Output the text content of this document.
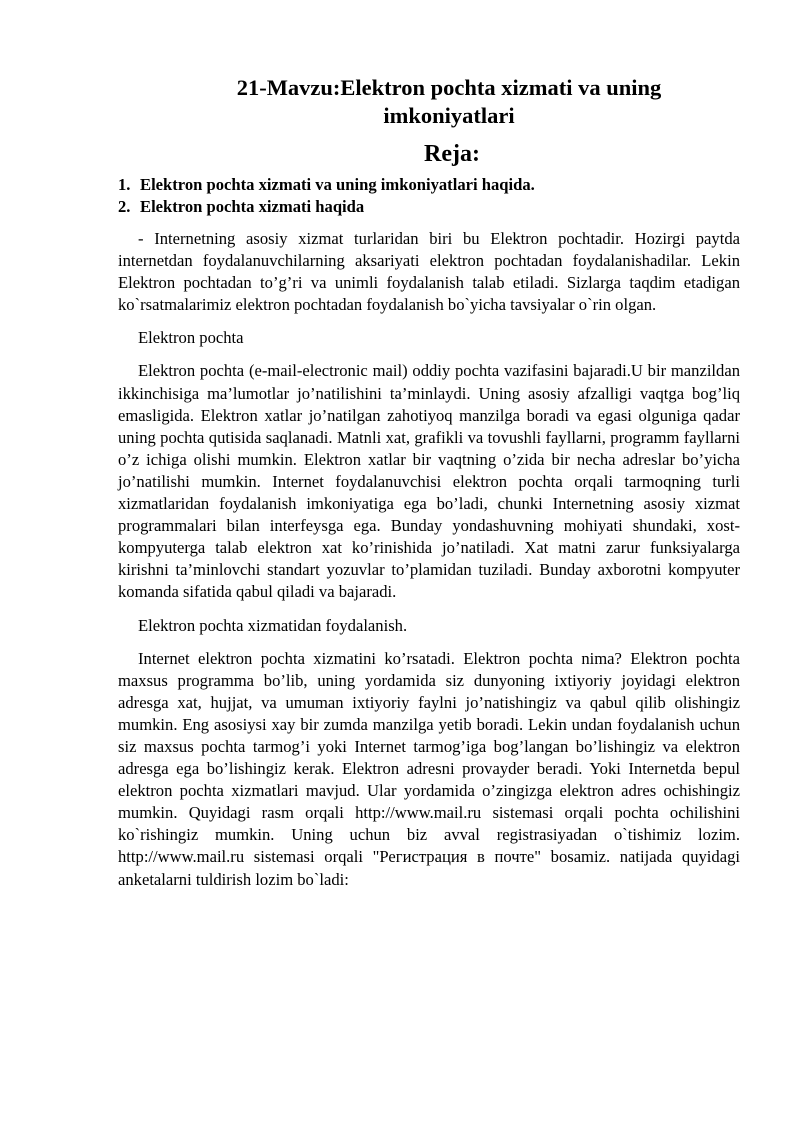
21-Mavzu:Elektron pochta xizmati va uning
imkoniyatlari
Reja:
1. Elektron pochta xizmati va uning imkoniyatlari haqida.
2. Elektron pochta xizmati haqida

- Internetning asosiy xizmat turlaridan biri bu Elektron pochtadir. Hozirgi paytda internetdan foydalanuvchilarning aksariyati elektron pochtadan foydalanishadilar. Lekin Elektron pochtadan to’g’ri va unimli foydalanish talab etiladi. Sizlarga taqdim etadigan ko`rsatmalarimiz elektron pochtadan foydalanish bo`yicha tavsiyalar o`rin olgan.

Elektron pochta

Elektron pochta (e-mail-electronic mail) oddiy pochta vazifasini bajaradi.U bir manzildan ikkinchisiga ma’lumotlar jo’natilishini ta’minlaydi. Uning asosiy afzalligi vaqtga bog’liq emasligida. Elektron xatlar jo’natilgan zahotiyoq manzilga boradi va egasi olguniga qadar uning pochta qutisida saqlanadi. Matnli xat, grafikli va tovushli fayllarni, programm fayllarni o’z ichiga olishi mumkin. Elektron xatlar bir vaqtning o’zida bir necha adreslar bo’yicha jo’natilishi mumkin. Internet foydalanuvchisi elektron pochta orqali tarmoqning turli xizmatlaridan foydalanish imkoniyatiga ega bo’ladi, chunki Internetning asosiy xizmat programmalari bilan interfeysga ega. Bunday yondashuvning mohiyati shundaki, xost-kompyuterga talab elektron xat ko’rinishida jo’natiladi. Xat matni zarur funksiyalarga kirishni ta’minlovchi standart yozuvlar to’plamidan tuziladi. Bunday axborotni kompyuter komanda sifatida qabul qiladi va bajaradi.

Elektron pochta xizmatidan foydalanish.

Internet elektron pochta xizmatini ko’rsatadi. Elektron pochta nima? Elektron pochta maxsus programma bo’lib, uning yordamida siz dunyoning ixtiyoriy joyidagi elektron adresga xat, hujjat, va umuman ixtiyoriy faylni jo’natishingiz va qabul qilib olishingiz mumkin. Eng asosiysi xay bir zumda manzilga yetib boradi. Lekin undan foydalanish uchun siz maxsus pochta tarmog’i yoki Internet tarmog’iga bog’langan bo’lishingiz va elektron adresga ega bo’lishingiz kerak. Elektron adresni provayder beradi. Yoki Internetda bepul elektron pochta xizmatlari mavjud. Ular yordamida o’zingizga elektron adres ochishingiz mumkin. Quyidagi rasm orqali http://www.mail.ru sistemasi orqali pochta ochilishini ko`rishingiz mumkin. Uning uchun biz avval registrasiyadan o`tishimiz lozim. http://www.mail.ru sistemasi orqali "Регистрация в почте" bosamiz. natijada quyidagi anketalarni tuldirish lozim bo`ladi:
